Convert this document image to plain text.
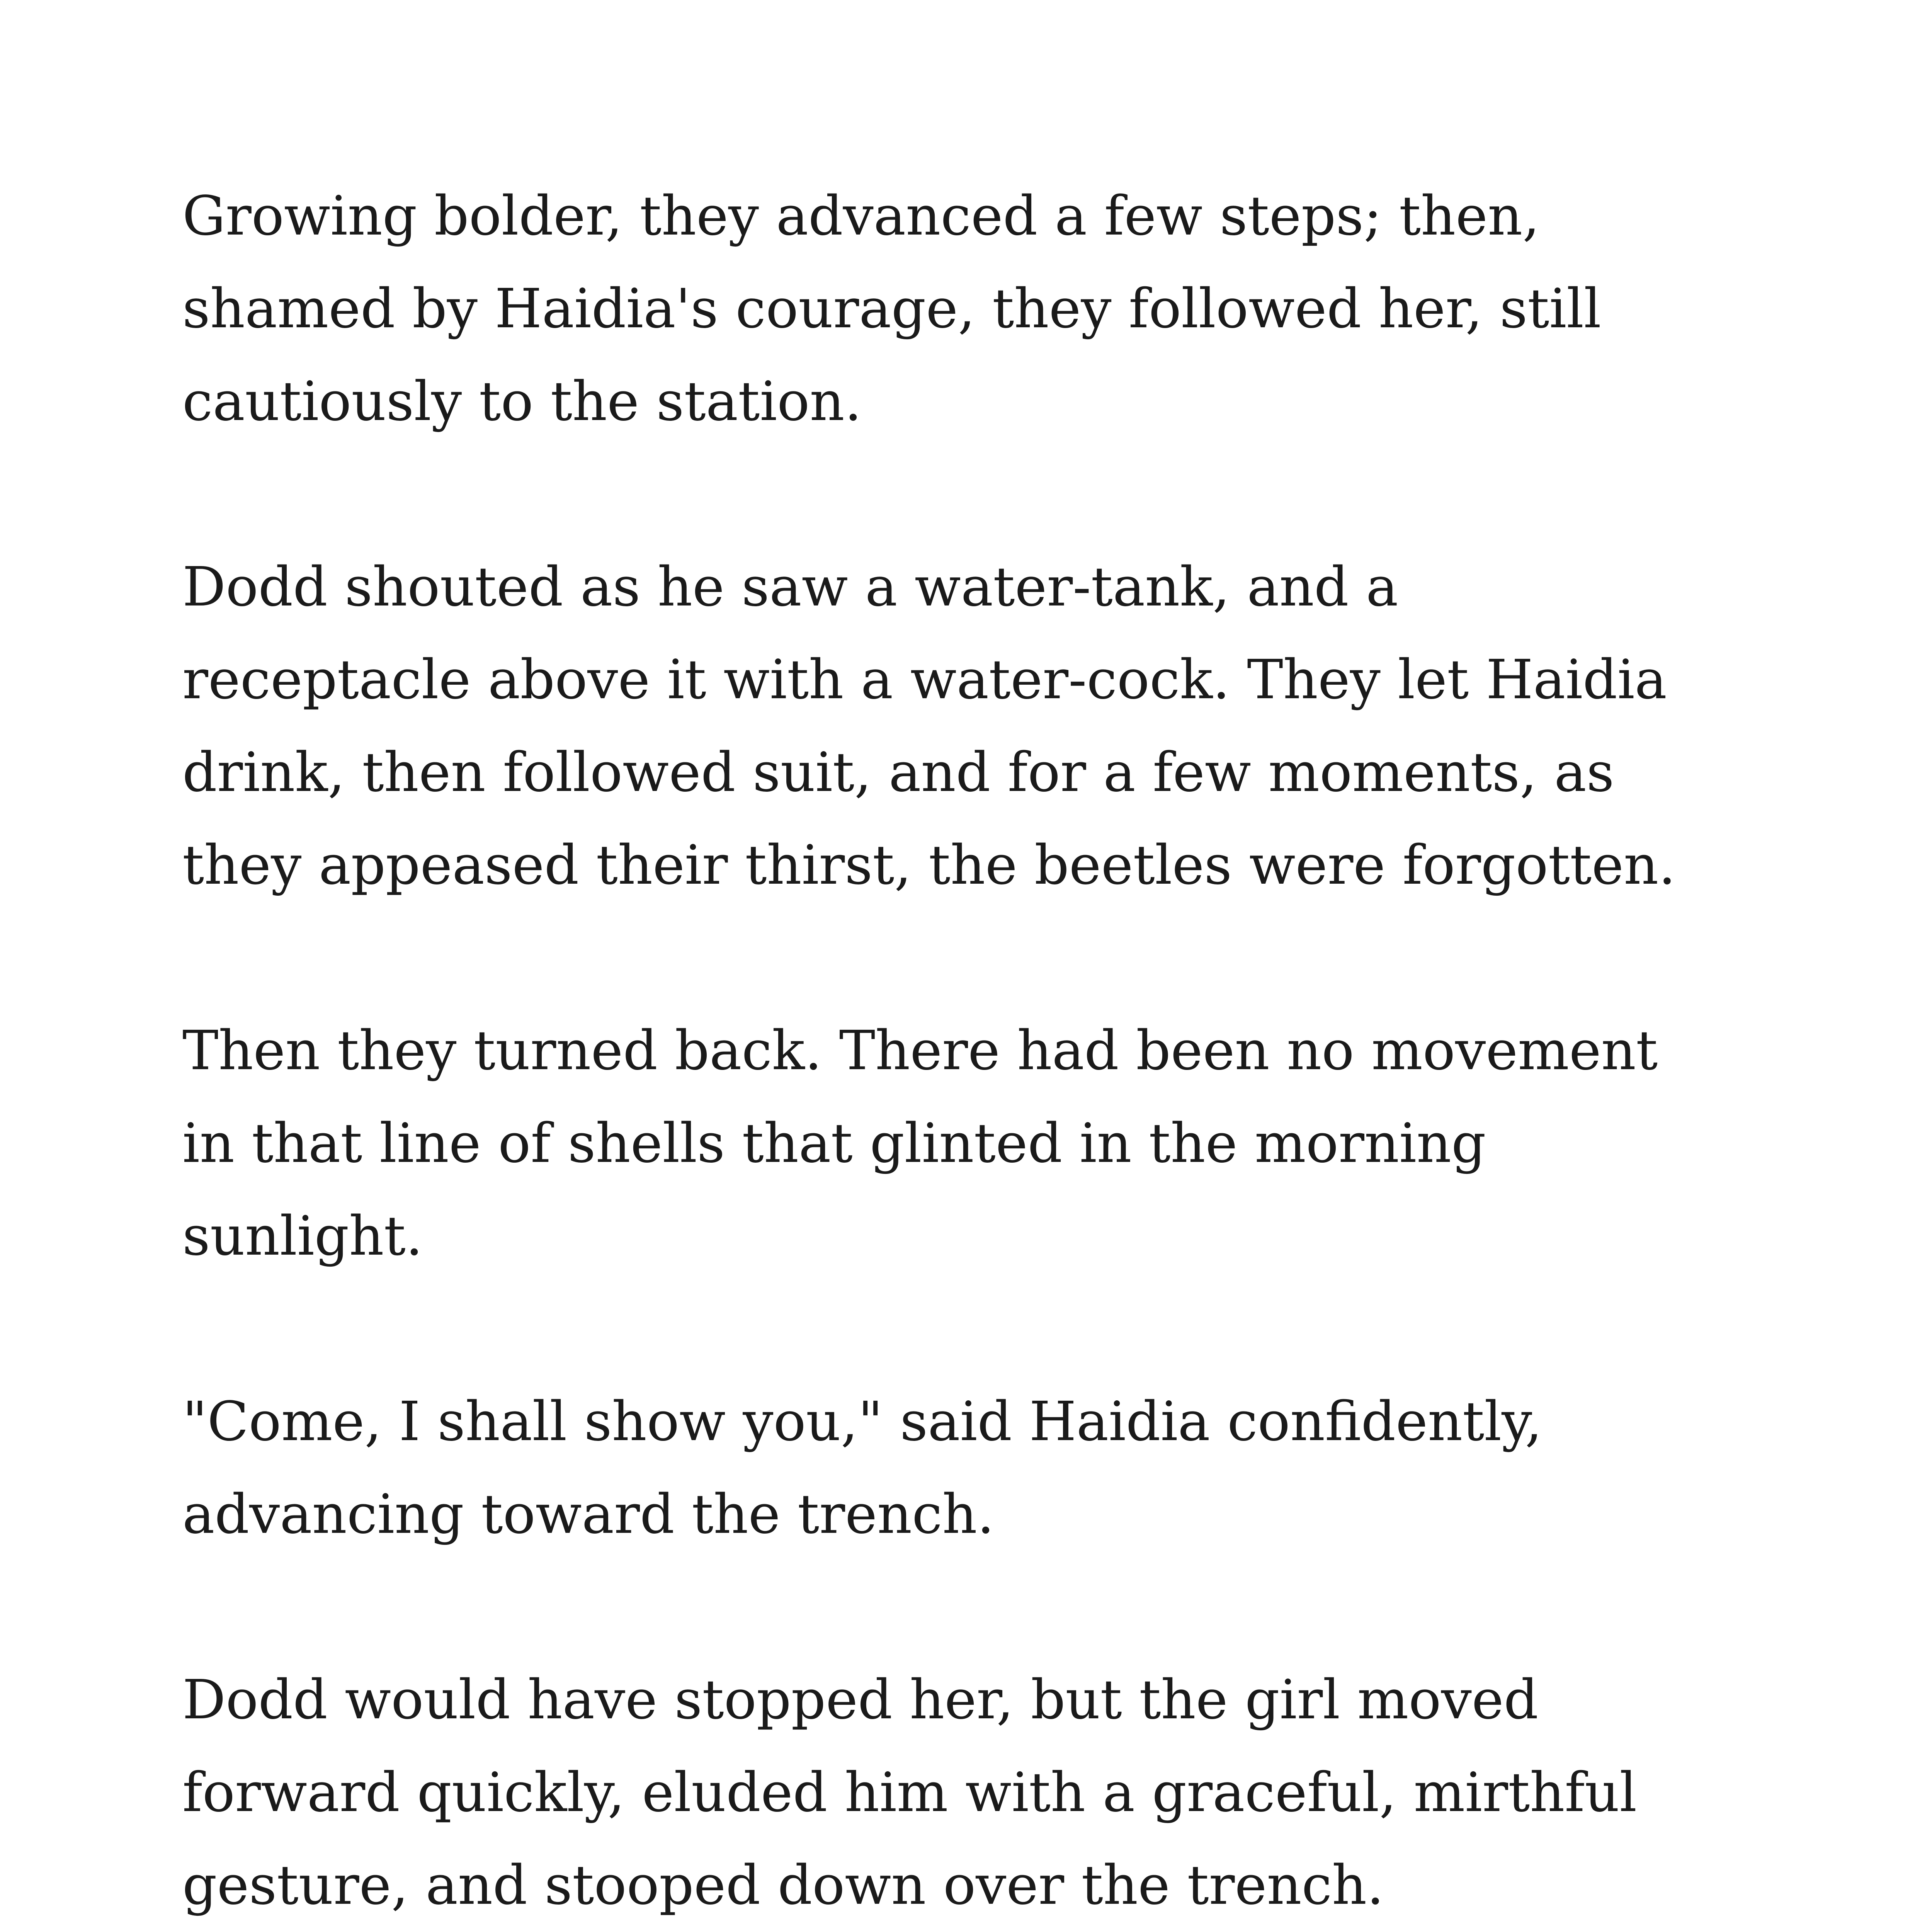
Growing bolder, they advanced a few steps; then,
shamed by Haidia's courage, they followed her, still
cautiously to the station.

Dodd shouted as he saw a water-tank, and a
receptacle above it with a water-cock. They let Haidia
drink, then followed suit, and for a few moments, as
they appeased their thirst, the beetles were forgotten.

Then they turned back. There had been no movement
in that line of shells that glinted in the morning
sunlight.

"Come, I shall show you," said Haidia confidently,
advancing toward the trench.

Dodd would have stopped her, but the girl moved
forward quickly, eluded him with a graceful, mirthful
gesture, and stooped down over the trench.
